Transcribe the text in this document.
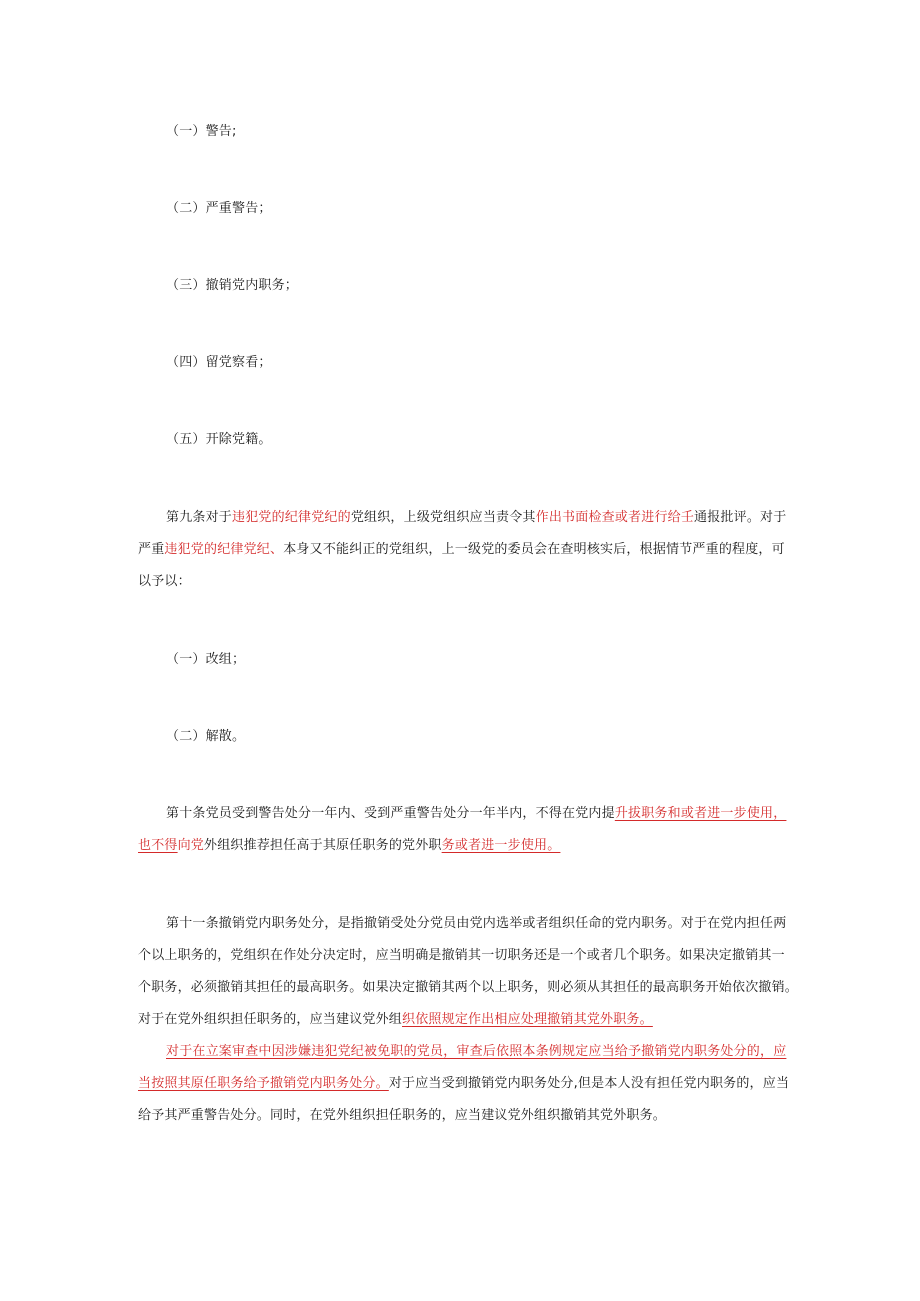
（一）警告;

（二）严重警告；

（三）撤销党内职务；

（四）留党察看；

（五）开除党籍。

第九条对于违犯党的纪律党纪的党组织，上级党组织应当责令其作出书面检查或者进行给壬通报批评。对于

严重违犯党的纪律党纪、本身又不能纠正的党组织，上一级党的委员会在查明核实后，根据情节严重的程度，可

以予以：

（一）改组；

（二）解散。

第十条党员受到警告处分一年内、受到严重警告处分一年半内，不得在党内提升拔职务和或者进一步使用，

也不得向党外组织推荐担任高于其原任职务的党外职务或者进一步使用。

第十一条撤销党内职务处分，是指撤销受处分党员由党内选举或者组织任命的党内职务。对于在党内担任两

个以上职务的，党组织在作处分决定时，应当明确是撤销其一切职务还是一个或者几个职务。如果决定撤销其一

个职务，必须撤销其担任的最高职务。如果决定撤销其两个以上职务，则必须从其担任的最高职务开始依次撤销。

对于在党外组织担任职务的，应当建议党外组织依照规定作出相应处理撤销其党外职务。

对于在立案审查中因涉嫌违犯党纪被免职的党员，审查后依照本条例规定应当给予撤销党内职务处分的，应

当按照其原任职务给予撤销党内职务处分。对于应当受到撤销党内职务处分,但是本人没有担任党内职务的，应当

给予其严重警告处分。同时，在党外组织担任职务的，应当建议党外组织撤销其党外职务。
